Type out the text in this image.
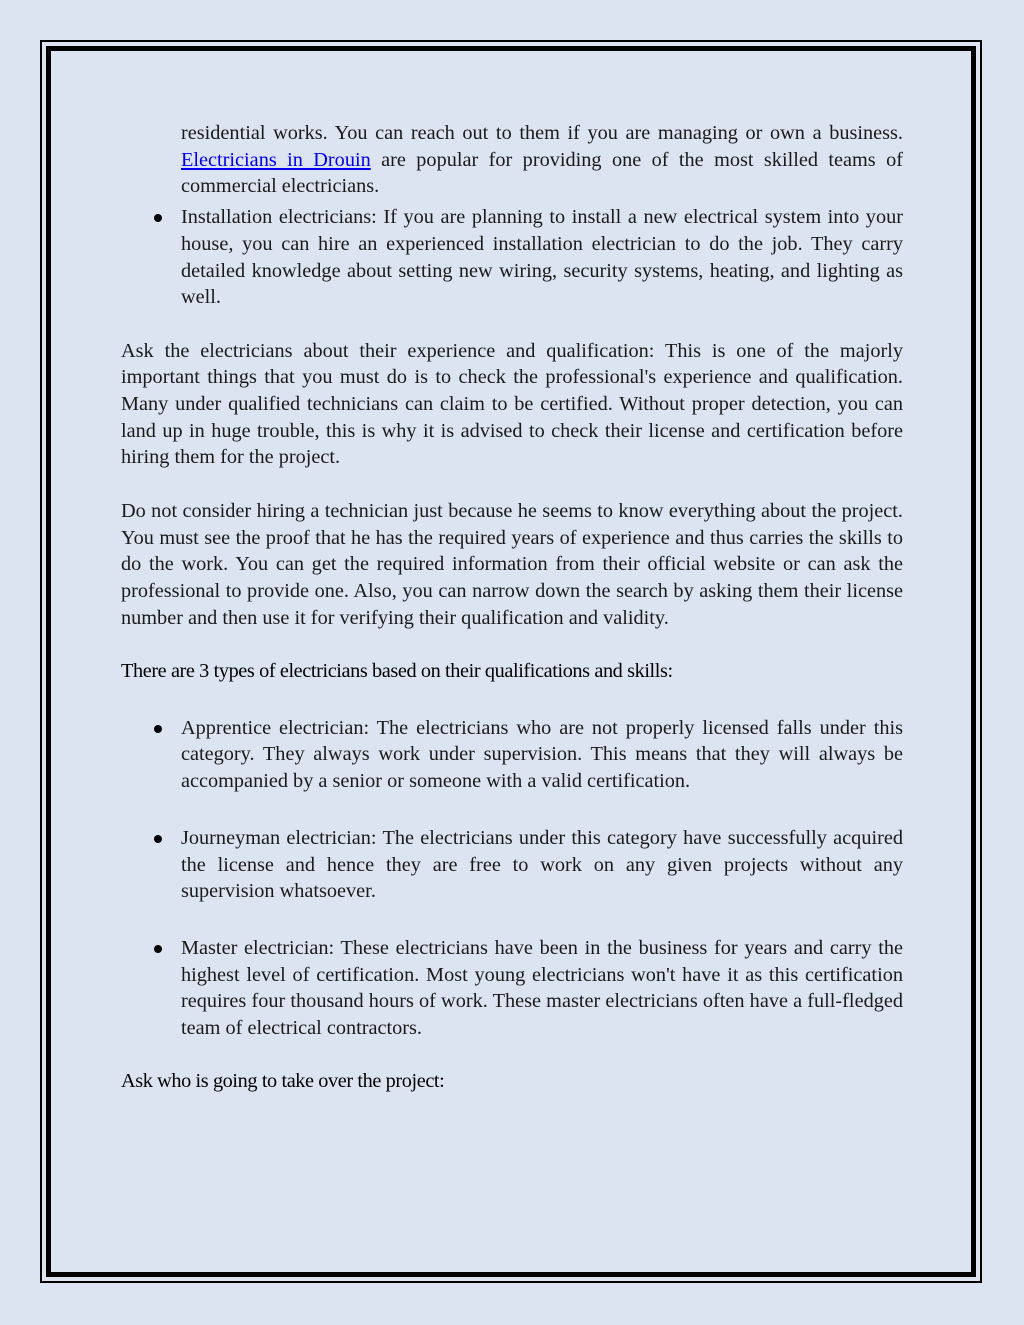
residential works. You can reach out to them if you are managing or own a business. Electricians in Drouin are popular for providing one of the most skilled teams of commercial electricians.

Installation electricians: If you are planning to install a new electrical system into your house, you can hire an experienced installation electrician to do the job. They carry detailed knowledge about setting new wiring, security systems, heating, and lighting as well.

Ask the electricians about their experience and qualification: This is one of the majorly important things that you must do is to check the professional's experience and qualification. Many under qualified technicians can claim to be certified. Without proper detection, you can land up in huge trouble, this is why it is advised to check their license and certification before hiring them for the project.

Do not consider hiring a technician just because he seems to know everything about the project. You must see the proof that he has the required years of experience and thus carries the skills to do the work. You can get the required information from their official website or can ask the professional to provide one. Also, you can narrow down the search by asking them their license number and then use it for verifying their qualification and validity.

There are 3 types of electricians based on their qualifications and skills:

Apprentice electrician: The electricians who are not properly licensed falls under this category. They always work under supervision. This means that they will always be accompanied by a senior or someone with a valid certification.
Journeyman electrician: The electricians under this category have successfully acquired the license and hence they are free to work on any given projects without any supervision whatsoever.
Master electrician: These electricians have been in the business for years and carry the highest level of certification. Most young electricians won't have it as this certification requires four thousand hours of work. These master electricians often have a full-fledged team of electrical contractors.

Ask who is going to take over the project:
